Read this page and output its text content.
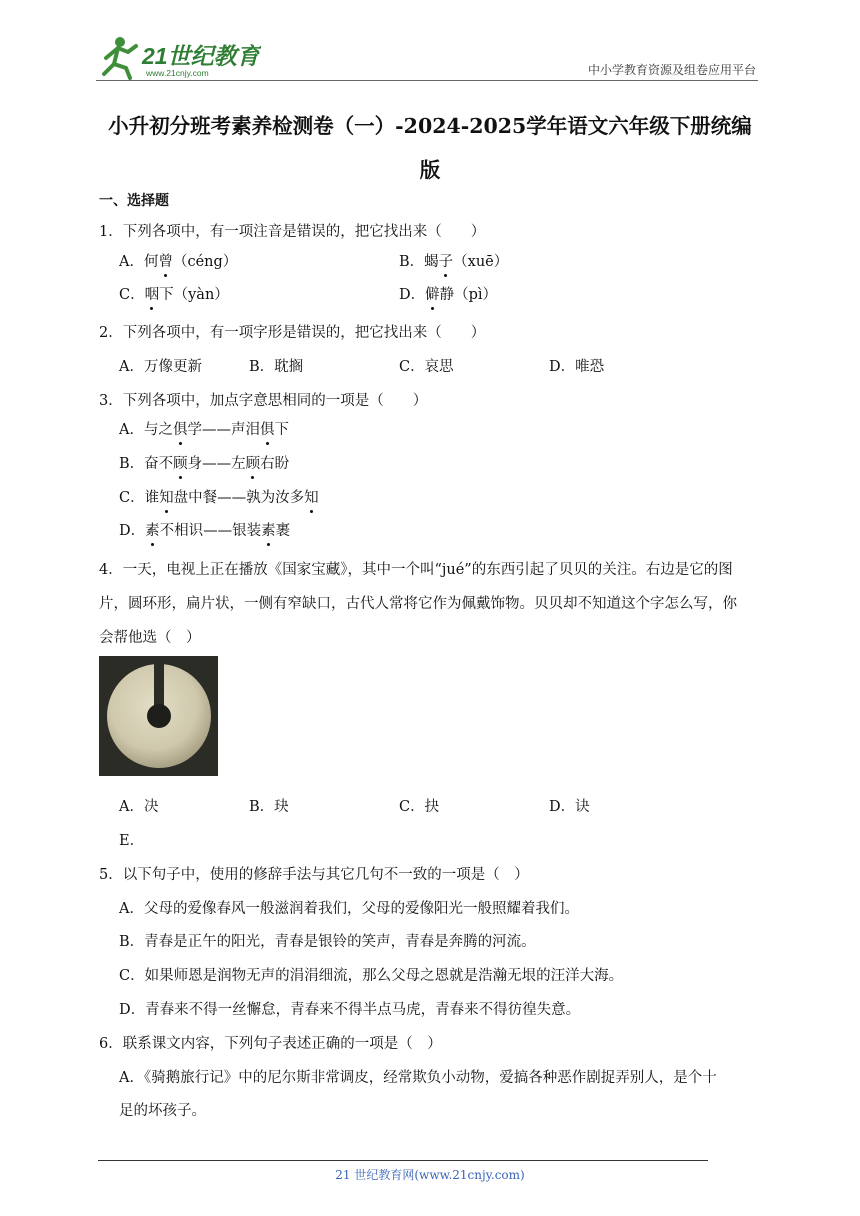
21世纪教育
www.21cnjy.com	中小学教育资源及组卷应用平台
小升初分班考素养检测卷（一）-2024-2025学年语文六年级下册统编
版
一、选择题
1．下列各项中，有一项注音是错误的，把它找出来（　　）
A．何曾（céng）	B．蝎子（xuē）
C．咽下（yàn）	D．僻静（pì）
2．下列各项中，有一项字形是错误的，把它找出来（　　）
A．万像更新	B．耽搁	C．哀思	D．唯恐
3．下列各项中，加点字意思相同的一项是（　　）
A．与之俱学——声泪俱下
B．奋不顾身——左顾右盼
C．谁知盘中餐——孰为汝多知
D．素不相识——银装素裹
4．一天，电视上正在播放《国家宝藏》，其中一个叫“jué”的东西引起了贝贝的关注。右边是它的图
片，圆环形，扁片状，一侧有窄缺口，古代人常将它作为佩戴饰物。贝贝却不知道这个字怎么写，你
会帮他选（　）
A．决	B．玦	C．抉	D．诀
E．
5．以下句子中，使用的修辞手法与其它几句不一致的一项是（　）
A．父母的爱像春风一般滋润着我们，父母的爱像阳光一般照耀着我们。
B．青春是正午的阳光，青春是银铃的笑声，青春是奔腾的河流。
C．如果师恩是润物无声的涓涓细流，那么父母之恩就是浩瀚无垠的汪洋大海。
D．青春来不得一丝懈怠，青春来不得半点马虎，青春来不得彷徨失意。
6．联系课文内容，下列句子表述正确的一项是（　）
A．《骑鹅旅行记》中的尼尔斯非常调皮，经常欺负小动物，爱搞各种恶作剧捉弄别人，是个十
足的坏孩子。
21 世纪教育网(www.21cnjy.com)
